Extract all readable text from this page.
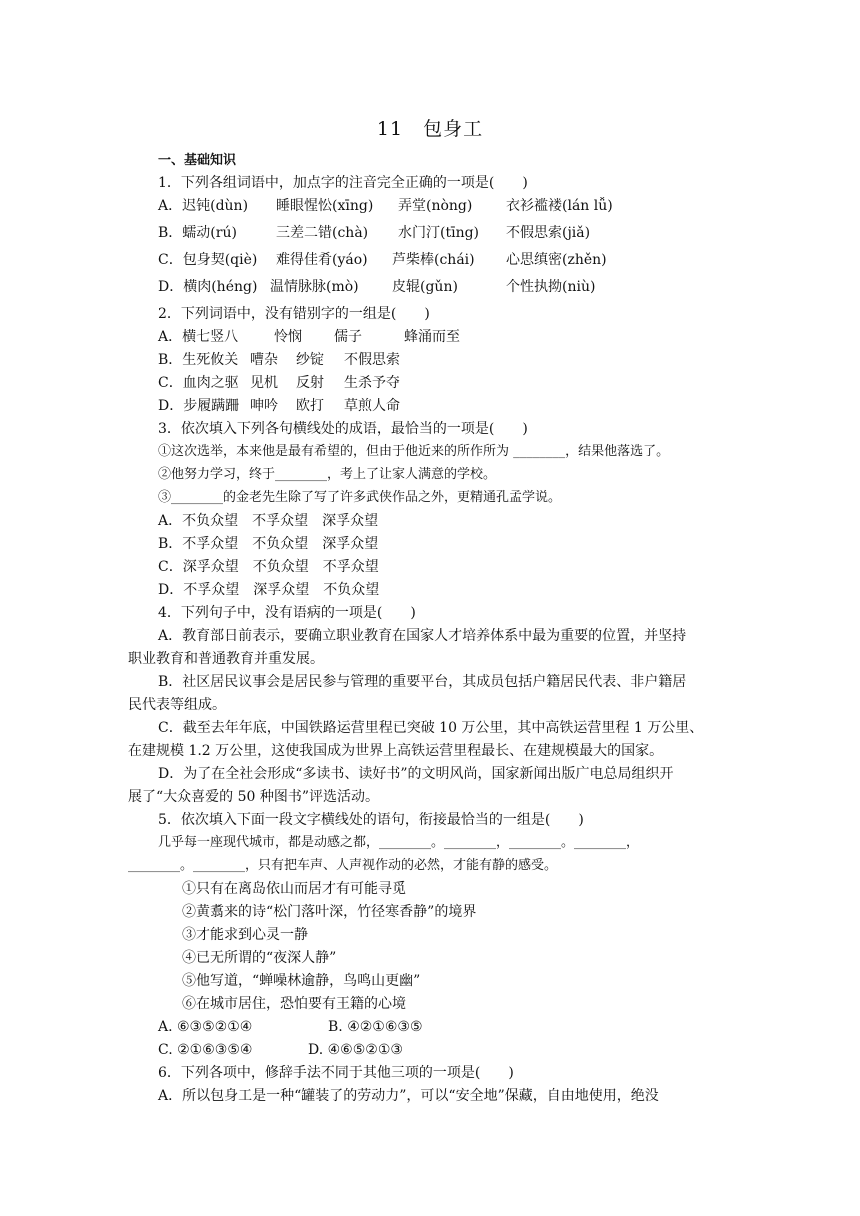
11　包身工
一、基础知识
1．下列各组词语中，加点字的注音完全正确的一项是(　　)
A．迟钝(dùn) 睡眼惺忪(xīng) 弄堂(nòng) 衣衫褴褛(lán lǚ)
B．蠕动(rú)	三差二错(chà) 水门汀(tīng) 不假思索(jiǎ)
C．包身契(qiè) 难得佳肴(yáo) 芦柴棒(chái) 心思缜密(zhěn)
D．横肉(héng) 温情脉脉(mò) 皮辊(gǔn)	个性执拗(niù)
2．下列词语中，没有错别字的一组是(　　)
A．横七竖八	怜悯 儒子	蜂涌而至
B．生死攸关 嘈杂 纱锭 不假思索
C．血肉之驱 见机 反射 生杀予夺
D．步履蹒跚 呻吟 欧打 草煎人命
3．依次填入下列各句横线处的成语，最恰当的一项是(　　)
①这次选举，本来他是最有希望的，但由于他近来的所作所为 ________，结果他落选了。
②他努力学习，终于________，考上了让家人满意的学校。
③________的金老先生除了写了许多武侠作品之外，更精通孔孟学说。
A．不负众望　不孚众望　深孚众望
B．不孚众望　不负众望　深孚众望
C．深孚众望　不负众望　不孚众望
D．不孚众望　深孚众望　不负众望
4．下列句子中，没有语病的一项是(　　)
A．教育部日前表示，要确立职业教育在国家人才培养体系中最为重要的位置，并坚持
职业教育和普通教育并重发展。
B．社区居民议事会是居民参与管理的重要平台，其成员包括户籍居民代表、非户籍居
民代表等组成。
C．截至去年年底，中国铁路运营里程已突破 10 万公里，其中高铁运营里程 1 万公里、
在建规模 1.2 万公里，这使我国成为世界上高铁运营里程最长、在建规模最大的国家。
D．为了在全社会形成“多读书、读好书”的文明风尚，国家新闻出版广电总局组织开
展了“大众喜爱的 50 种图书”评选活动。
5．依次填入下面一段文字横线处的语句，衔接最恰当的一组是(　　)
几乎每一座现代城市，都是动感之都，________。________，________。________，
________。________，只有把车声、人声视作动的必然，才能有静的感受。
①只有在离岛依山而居才有可能寻觅
②黄翥来的诗“松门落叶深，竹径寒香静”的境界
③才能求到心灵一静
④已无所谓的“夜深人静”
⑤他写道，“蝉噪林逾静，鸟鸣山更幽”
⑥在城市居住，恐怕要有王籍的心境
A. ⑥③⑤②①④	B. ④②①⑥③⑤
C. ②①⑥③⑤④	D. ④⑥⑤②①③
6．下列各项中，修辞手法不同于其他三项的一项是(　　)
A．所以包身工是一种“罐装了的劳动力”，可以“安全地”保藏，自由地使用，绝没
